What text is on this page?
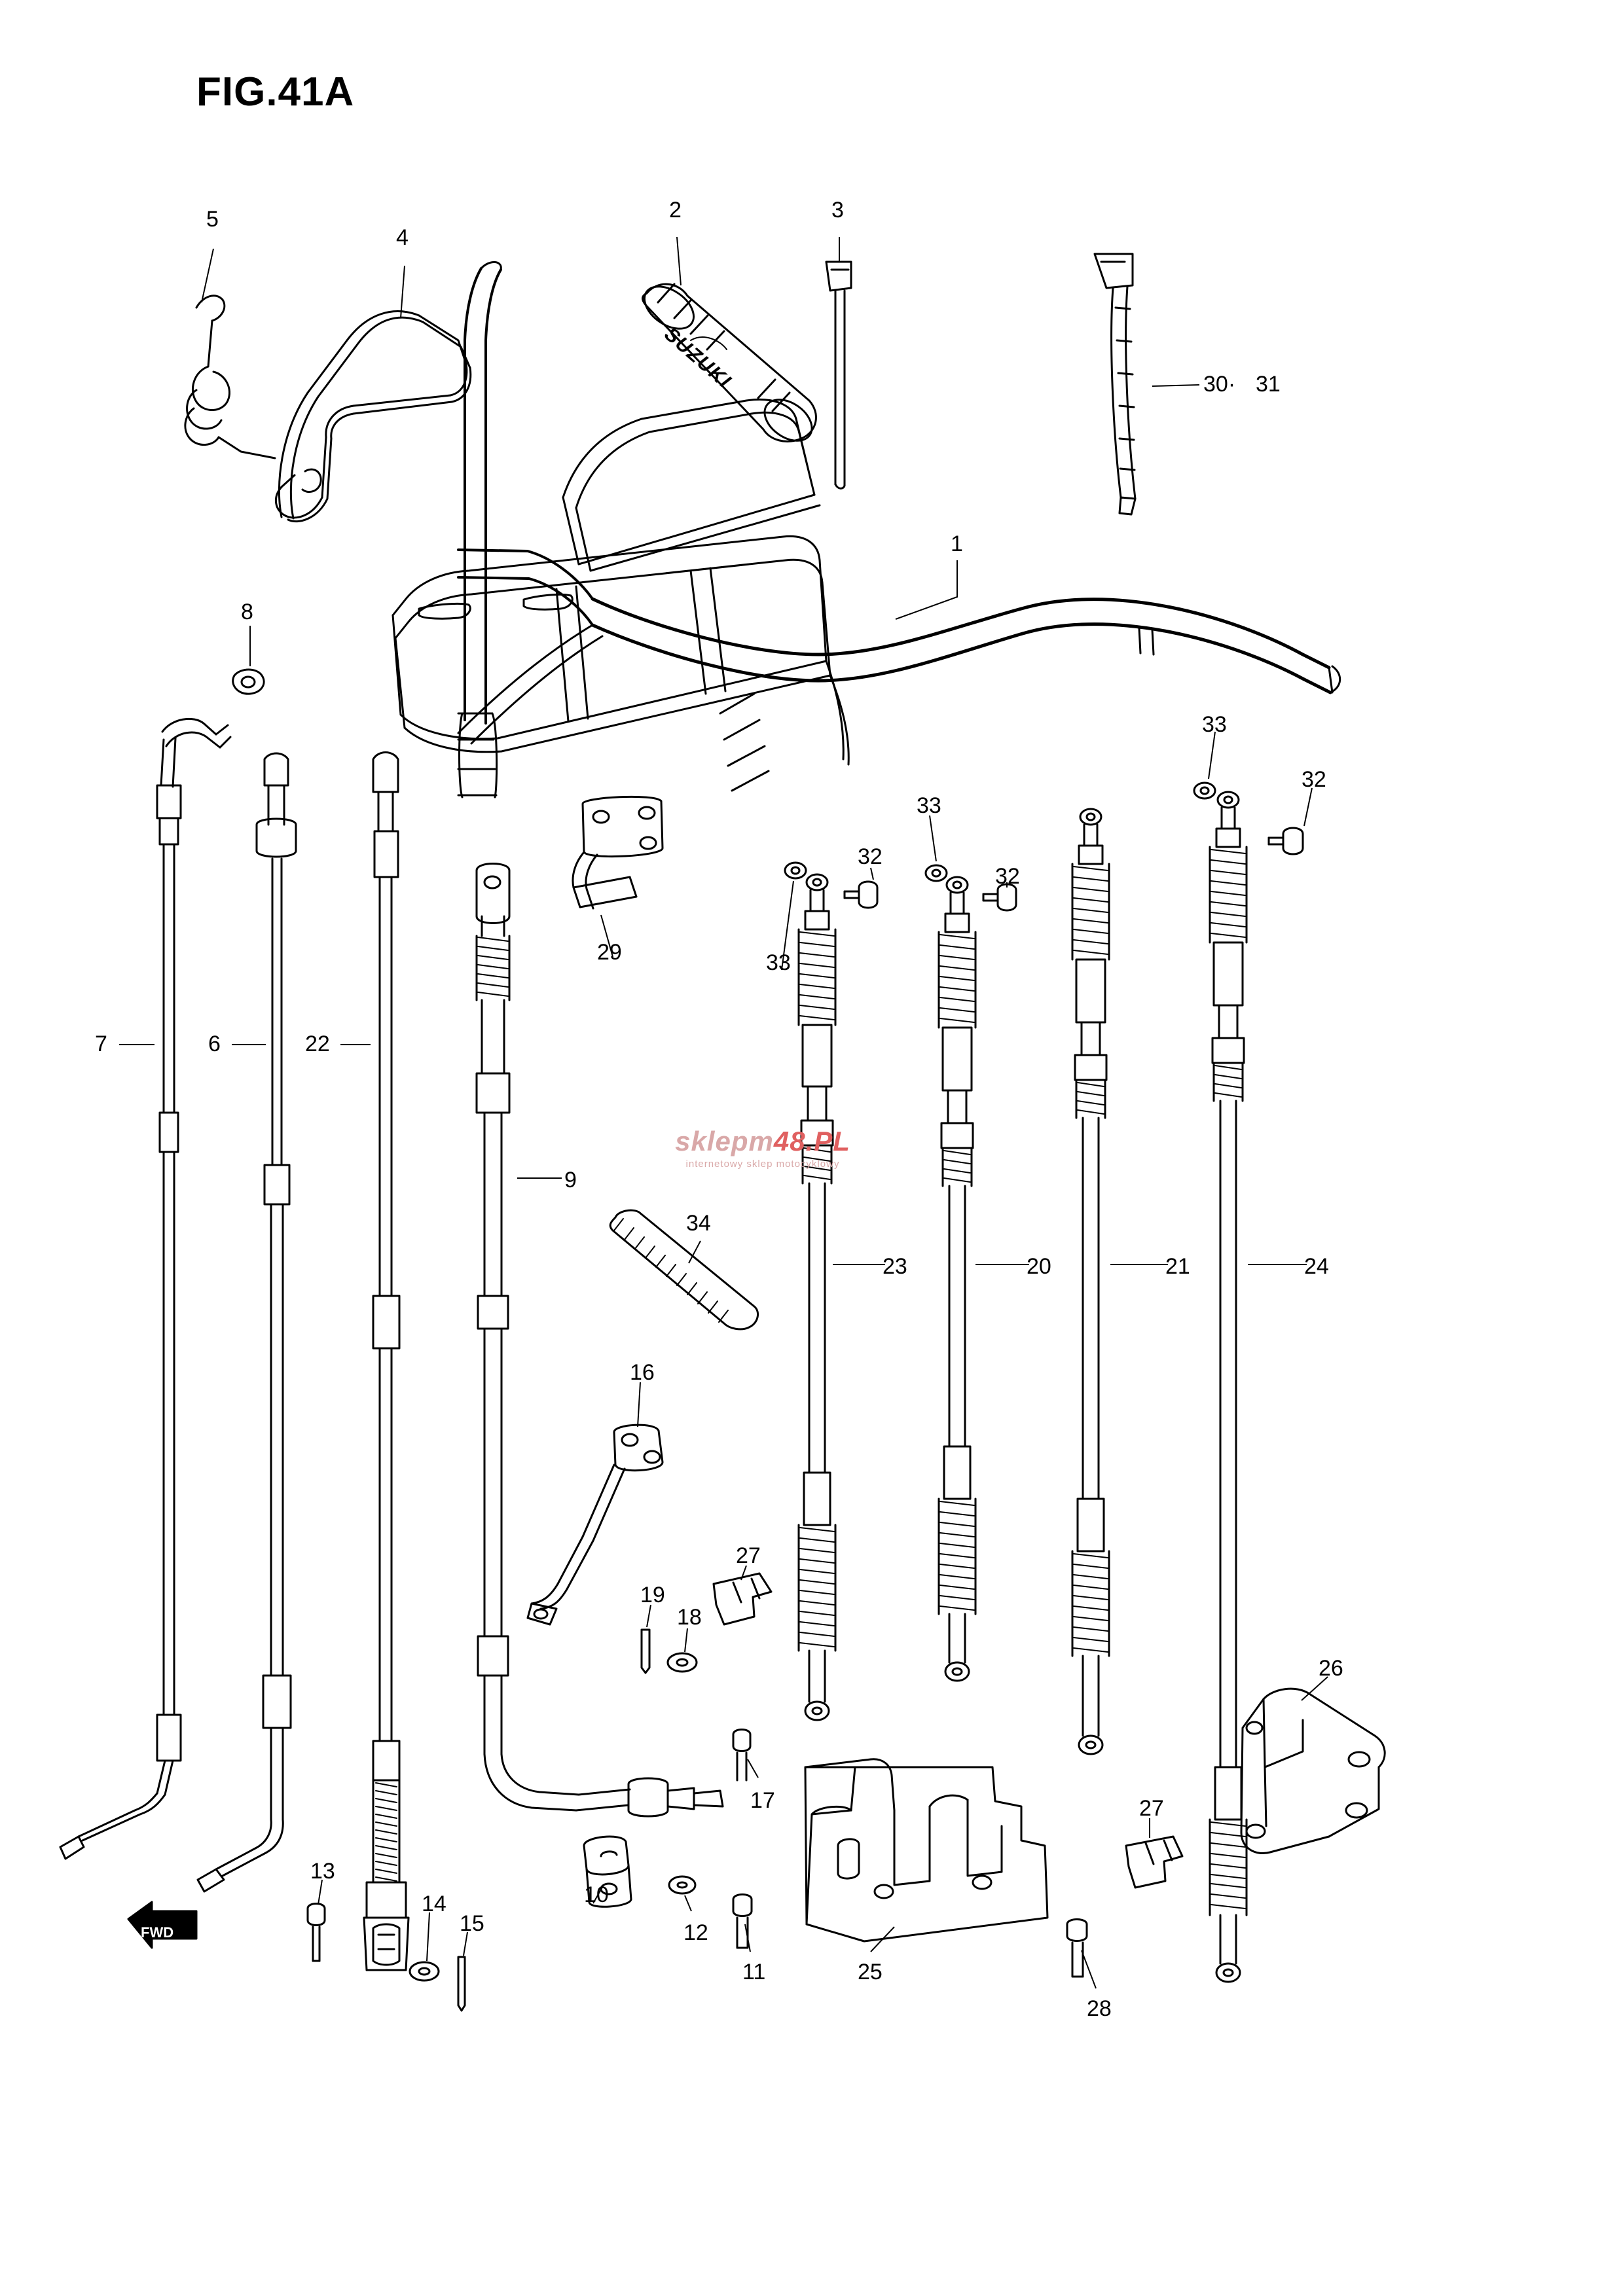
FIG.41A
5
4
2	3
30· 31
1
8
33
32
33
32
33
32
29
7	6	22
9
34
23	20	21	24
16
19
18
27
26
17
13
14
15
10
12
11	25
27
28
SUZUKI
FWD
sklepm48.PL
internetowy sklep motocyklowy
